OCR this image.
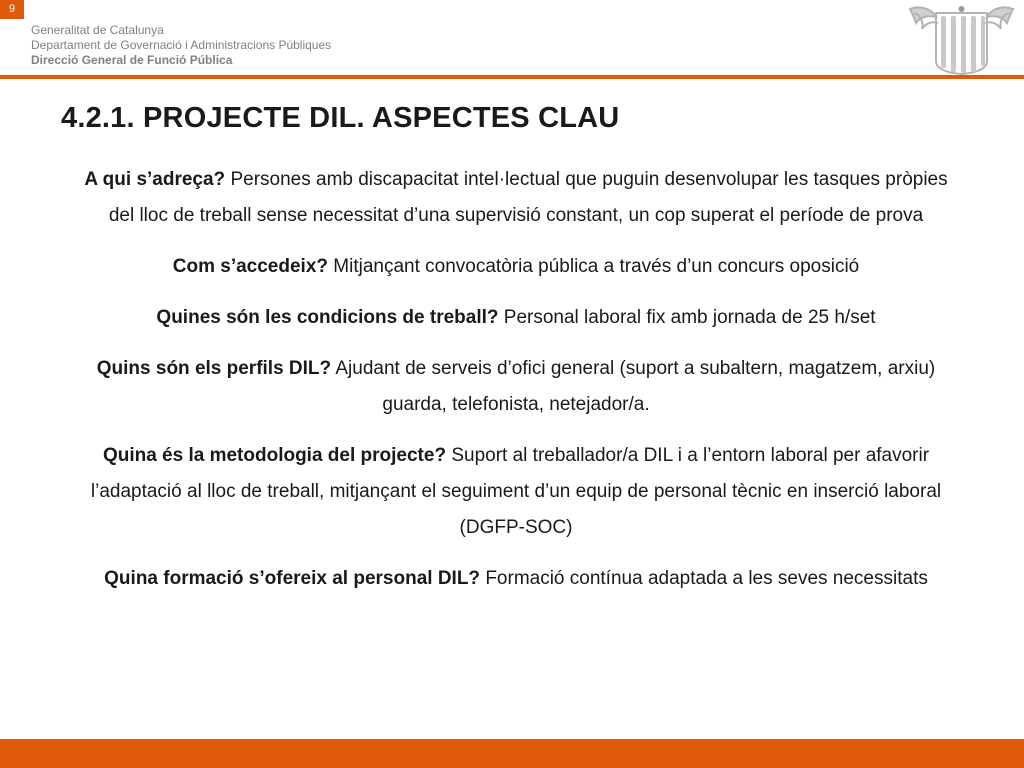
9
Generalitat de Catalunya
Departament de Governació i Administracions Públiques
Direcció General de Funció Pública
4.2.1. PROJECTE DIL. ASPECTES CLAU

A qui s’adreça? Persones amb discapacitat intel·lectual que puguin desenvolupar les tasques pròpies del lloc de treball sense necessitat d’una supervisió constant, un cop superat el període de prova

Com s’accedeix? Mitjançant convocatòria pública a través d’un concurs oposició

Quines són les condicions de treball? Personal laboral fix amb jornada de 25 h/set

Quins són els perfils DIL? Ajudant de serveis d’ofici general (suport a subaltern, magatzem, arxiu) guarda, telefonista, netejador/a.

Quina és la metodologia del projecte? Suport al treballador/a DIL i a l’entorn laboral per afavorir l’adaptació al lloc de treball, mitjançant el seguiment d’un equip de personal tècnic en inserció laboral (DGFP-SOC)

Quina formació s’ofereix al personal DIL? Formació contínua adaptada a les seves necessitats
